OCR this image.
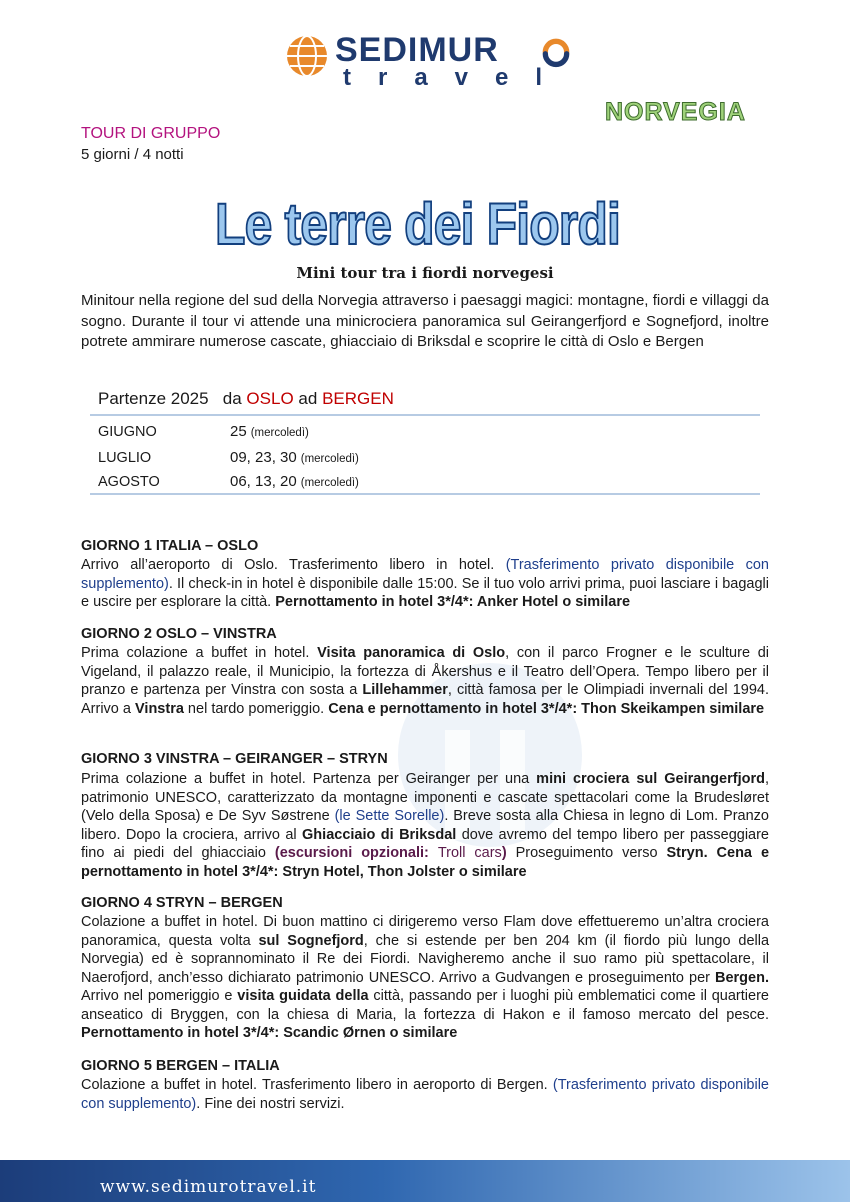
SEDIMUR
travel
NORVEGIA
TOUR DI GRUPPO
5 giorni / 4 notti
Le terre dei Fiordi
Mini tour tra i fiordi norvegesi
Minitour nella regione del sud della Norvegia attraverso i paesaggi magici: montagne, fiordi e villaggi da sogno. Durante il tour vi attende una minicrociera panoramica sul Geirangerfjord e Sognefjord, inoltre potrete ammirare numerose cascate, ghiacciaio di Briksdal e scoprire le città di Oslo e Bergen
Partenze 2025 da OSLO ad BERGEN
GIUGNO	25 (mercoledì)
LUGLIO	09, 23, 30 (mercoledì)
AGOSTO	06, 13, 20 (mercoledì)
GIORNO 1 ITALIA – OSLO
Arrivo all’aeroporto di Oslo. Trasferimento libero in hotel. (Trasferimento privato disponibile con supplemento). Il check-in in hotel è disponibile dalle 15:00. Se il tuo volo arrivi prima, puoi lasciare i bagagli e uscire per esplorare la città. Pernottamento in hotel 3*/4*: Anker Hotel o similare
GIORNO 2 OSLO – VINSTRA
Prima colazione a buffet in hotel. Visita panoramica di Oslo, con il parco Frogner e le sculture di Vigeland, il palazzo reale, il Municipio, la fortezza di Åkershus e il Teatro dell’Opera. Tempo libero per il pranzo e partenza per Vinstra con sosta a Lillehammer, città famosa per le Olimpiadi invernali del 1994. Arrivo a Vinstra nel tardo pomeriggio. Cena e pernottamento in hotel 3*/4*: Thon Skeikampen similare
GIORNO 3 VINSTRA – GEIRANGER – STRYN
Prima colazione a buffet in hotel. Partenza per Geiranger per una mini crociera sul Geirangerfjord, patrimonio UNESCO, caratterizzato da montagne imponenti e cascate spettacolari come la Brudesløret (Velo della Sposa) e De Syv Søstrene (le Sette Sorelle). Breve sosta alla Chiesa in legno di Lom. Pranzo libero. Dopo la crociera, arrivo al Ghiacciaio di Briksdal dove avremo del tempo libero per passeggiare fino ai piedi del ghiacciaio (escursioni opzionali: Troll cars) Proseguimento verso Stryn. Cena e pernottamento in hotel 3*/4*: Stryn Hotel, Thon Jolster o similare
GIORNO 4 STRYN – BERGEN
Colazione a buffet in hotel. Di buon mattino ci dirigeremo verso Flam dove effettueremo un’altra crociera panoramica, questa volta sul Sognefjord, che si estende per ben 204 km (il fiordo più lungo della Norvegia) ed è soprannominato il Re dei Fiordi. Navigheremo anche il suo ramo più spettacolare, il Naerofjord, anch’esso dichiarato patrimonio UNESCO. Arrivo a Gudvangen e proseguimento per Bergen. Arrivo nel pomeriggio e visita guidata della città, passando per i luoghi più emblematici come il quartiere anseatico di Bryggen, con la chiesa di Maria, la fortezza di Hakon e il famoso mercato del pesce. Pernottamento in hotel 3*/4*: Scandic Ørnen o similare
GIORNO 5 BERGEN – ITALIA
Colazione a buffet in hotel. Trasferimento libero in aeroporto di Bergen. (Trasferimento privato disponibile con supplemento). Fine dei nostri servizi.
www.sedimurotravel.it
